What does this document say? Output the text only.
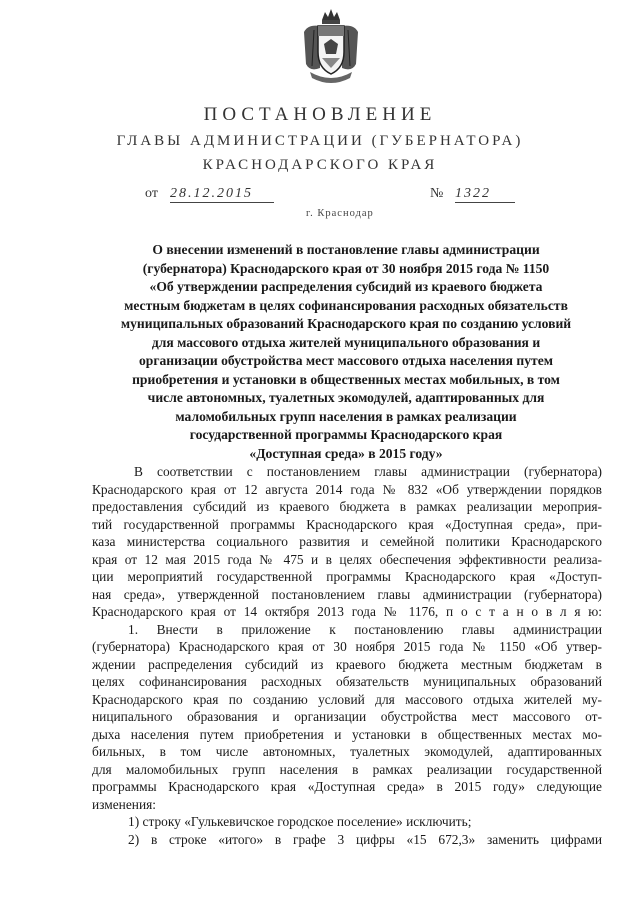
ПОСТАНОВЛЕНИЕ
ГЛАВЫ АДМИНИСТРАЦИИ (ГУБЕРНАТОРА)
КРАСНОДАРСКОГО КРАЯ
от 28.12.2015	№ 1322
г. Краснодар
О внесении изменений в постановление главы администрации
(губернатора) Краснодарского края от 30 ноября 2015 года № 1150
«Об утверждении распределения субсидий из краевого бюджета
местным бюджетам в целях софинансирования расходных обязательств
муниципальных образований Краснодарского края по созданию условий
для массового отдыха жителей муниципального образования и
организации обустройства мест массового отдыха населения путем
приобретения и установки в общественных местах мобильных, в том
числе автономных, туалетных экомодулей, адаптированных для
маломобильных групп населения в рамках реализации
государственной программы Краснодарского края
«Доступная среда» в 2015 году»
В соответствии с постановлением главы администрации (губернатора)
Краснодарского края от 12 августа 2014 года № 832 «Об утверждении порядков
предоставления субсидий из краевого бюджета в рамках реализации мероприя-
тий государственной программы Краснодарского края «Доступная среда», при-
каза министерства социального развития и семейной политики Краснодарского
края от 12 мая 2015 года № 475 и в целях обеспечения эффективности реализа-
ции мероприятий государственной программы Краснодарского края «Доступ-
ная среда», утвержденной постановлением главы администрации (губернатора)
Краснодарского края от 14 октября 2013 года № 1176, п о с т а н о в л я ю:
1. Внести в приложение к постановлению главы администрации
(губернатора) Краснодарского края от 30 ноября 2015 года № 1150 «Об утвер-
ждении распределения субсидий из краевого бюджета местным бюджетам в
целях софинансирования расходных обязательств муниципальных образований
Краснодарского края по созданию условий для массового отдыха жителей му-
ниципального образования и организации обустройства мест массового от-
дыха населения путем приобретения и установки в общественных местах мо-
бильных, в том числе автономных, туалетных экомодулей, адаптированных
для маломобильных групп населения в рамках реализации государственной
программы Краснодарского края «Доступная среда» в 2015 году» следующие
изменения:
1) строку «Гулькевичское городское поселение» исключить;
2) в строке «итого» в графе 3 цифры «15 672,3» заменить цифрами
